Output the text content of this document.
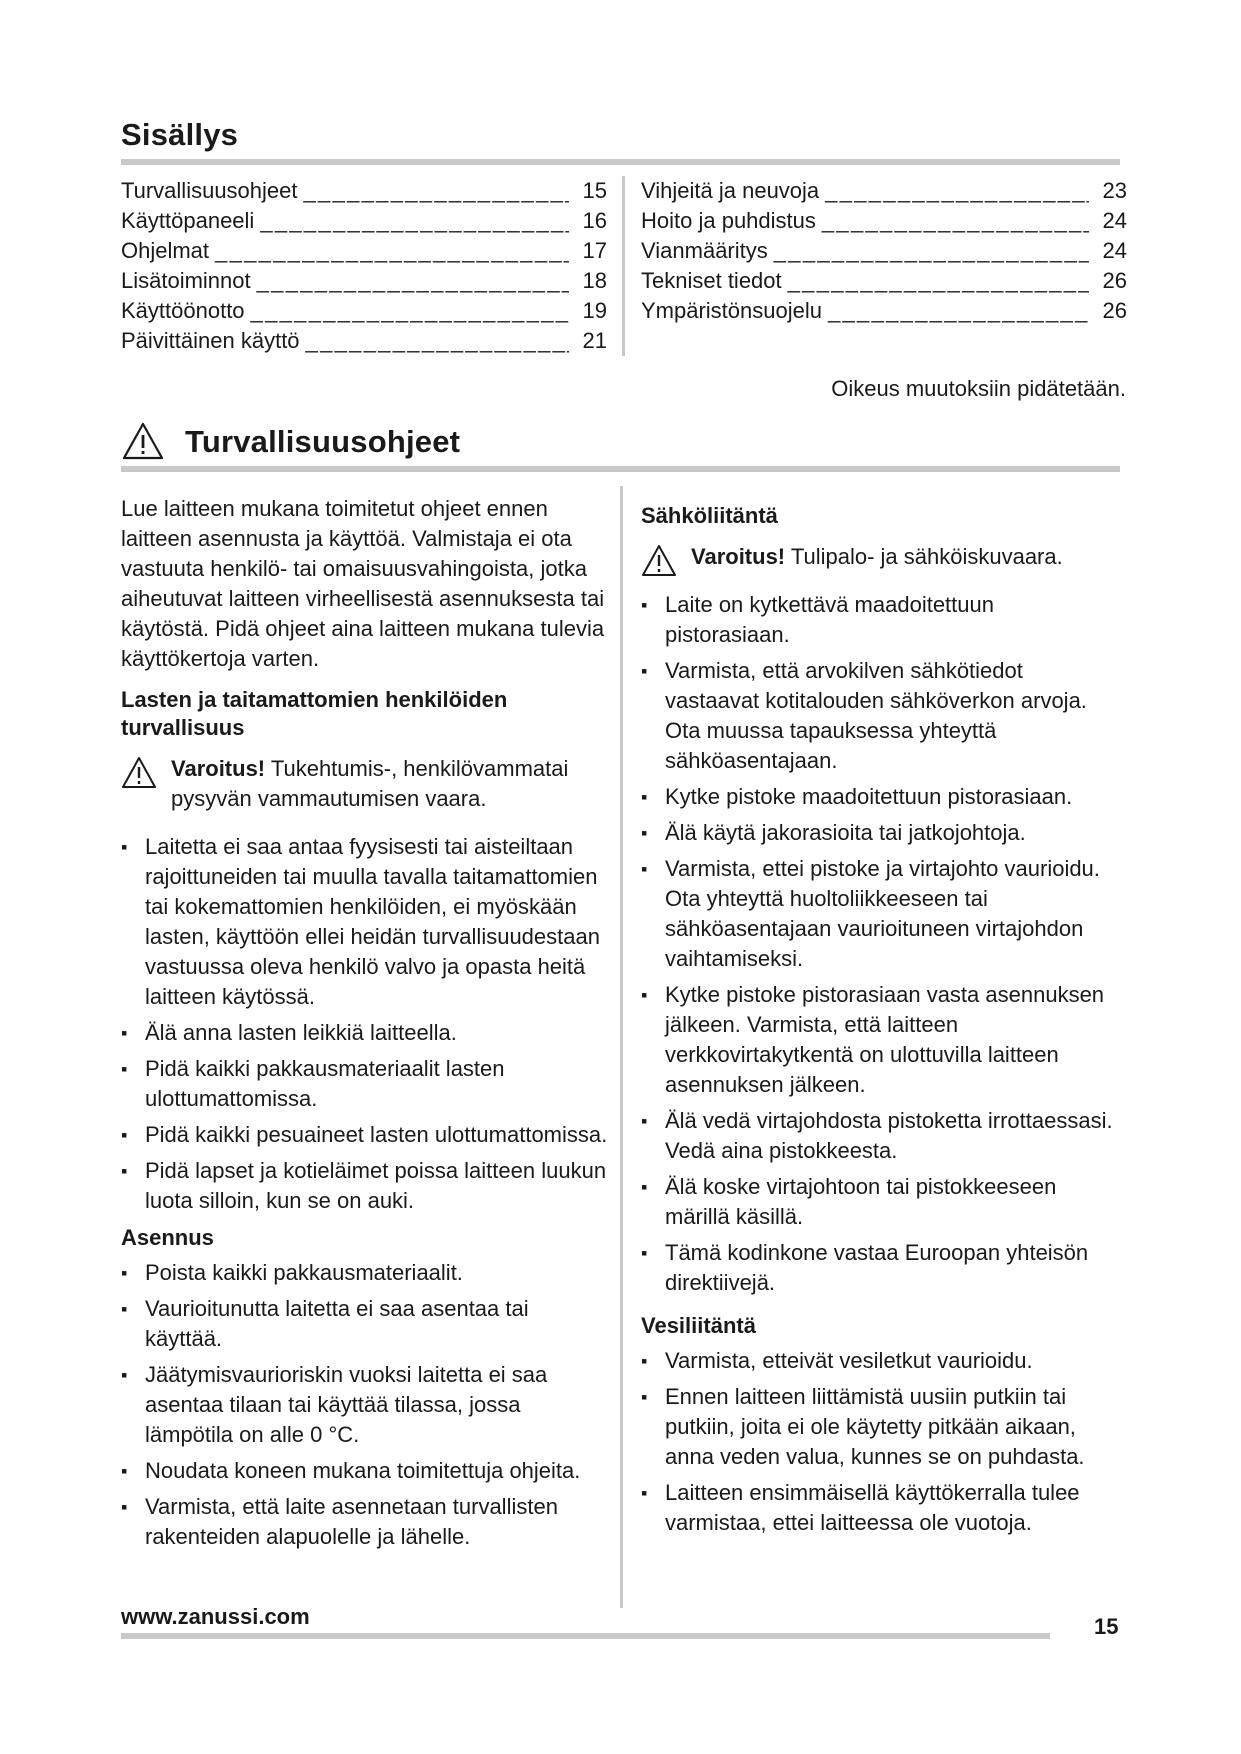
Sisällys
Turvallisuusohjeet _____	15
Käyttöpaneeli _____	16
Ohjelmat _____	17
Lisätoiminnot _____	18
Käyttöönotto _____	19
Päivittäinen käyttö _____	21
Vihjeitä ja neuvoja _____	23
Hoito ja puhdistus _____	24
Vianmääritys _____	24
Tekniset tiedot _____	26
Ympäristönsuojelu _____	26
Oikeus muutoksiin pidätetään.
Turvallisuusohjeet

Lue laitteen mukana toimitetut ohjeet ennen laitteen asennusta ja käyttöä. Valmistaja ei ota vastuuta henkilö- tai omaisuusvahingoista, jotka aiheutuvat laitteen virheellisestä asennuksesta tai käytöstä. Pidä ohjeet aina laitteen mukana tulevia käyttökertoja varten.

Lasten ja taitamattomien henkilöiden turvallisuus
Varoitus! Tukehtumis-, henkilövammatai pysyvän vammautumisen vaara.
▪ Laitetta ei saa antaa fyysisesti tai aisteiltaan rajoittuneiden tai muulla tavalla taitamattomien tai kokemattomien henkilöiden, ei myöskään lasten, käyttöön ellei heidän turvallisuudestaan vastuussa oleva henkilö valvo ja opasta heitä laitteen käytössä.
▪ Älä anna lasten leikkiä laitteella.
▪ Pidä kaikki pakkausmateriaalit lasten ulottumattomissa.
▪ Pidä kaikki pesuaineet lasten ulottumattomissa.
▪ Pidä lapset ja kotieläimet poissa laitteen luukun luota silloin, kun se on auki.
Asennus
▪ Poista kaikki pakkausmateriaalit.
▪ Vaurioitunutta laitetta ei saa asentaa tai käyttää.
▪ Jäätymisvaurioriskin vuoksi laitetta ei saa asentaa tilaan tai käyttää tilassa, jossa lämpötila on alle 0 °C.
▪ Noudata koneen mukana toimitettuja ohjeita.
▪ Varmista, että laite asennetaan turvallisten rakenteiden alapuolelle ja lähelle.
Sähköliitäntä
Varoitus! Tulipalo- ja sähköiskuvaara.
▪ Laite on kytkettävä maadoitettuun pistorasiaan.
▪ Varmista, että arvokilven sähkötiedot vastaavat kotitalouden sähköverkon arvoja. Ota muussa tapauksessa yhteyttä sähköasentajaan.
▪ Kytke pistoke maadoitettuun pistorasiaan.
▪ Älä käytä jakorasioita tai jatkojohtoja.
▪ Varmista, ettei pistoke ja virtajohto vaurioidu. Ota yhteyttä huoltoliikkeeseen tai sähköasentajaan vaurioituneen virtajohdon vaihtamiseksi.
▪ Kytke pistoke pistorasiaan vasta asennuksen jälkeen. Varmista, että laitteen verkkovirtakytkentä on ulottuvilla laitteen asennuksen jälkeen.
▪ Älä vedä virtajohdosta pistoketta irrottaessasi. Vedä aina pistokkeesta.
▪ Älä koske virtajohtoon tai pistokkeeseen märillä käsillä.
▪ Tämä kodinkone vastaa Euroopan yhteisön direktiivejä.
Vesiliitäntä
▪ Varmista, etteivät vesiletkut vaurioidu.
▪ Ennen laitteen liittämistä uusiin putkiin tai putkiin, joita ei ole käytetty pitkään aikaan, anna veden valua, kunnes se on puhdasta.
▪ Laitteen ensimmäisellä käyttökerralla tulee varmistaa, ettei laitteessa ole vuotoja.
www.zanussi.com	15
